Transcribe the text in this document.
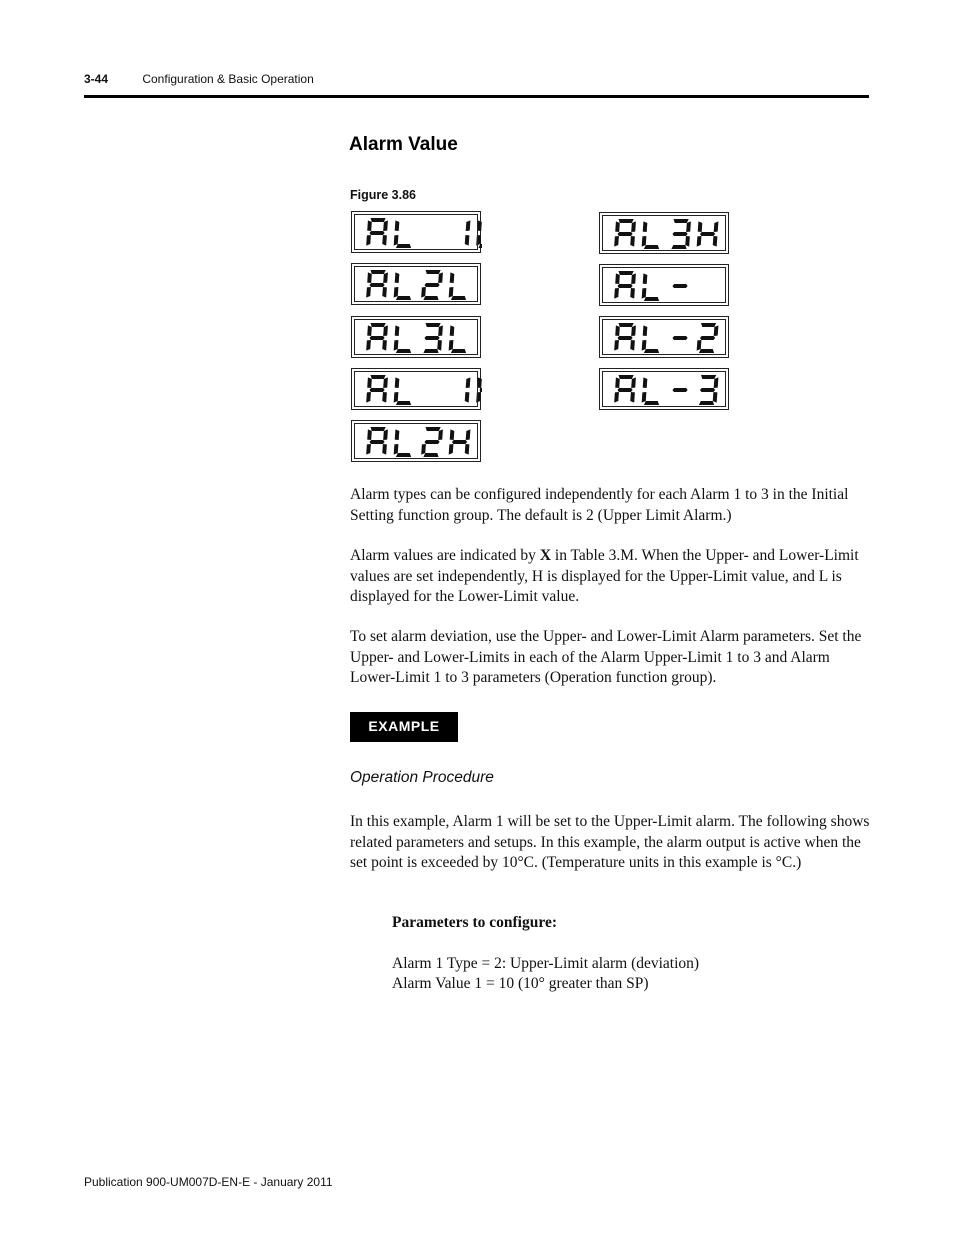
3-44	Configuration & Basic Operation
Alarm Value
Figure 3.86

Alarm types can be configured independently for each Alarm 1 to 3 in the Initial Setting function group. The default is 2 (Upper Limit Alarm.)

Alarm values are indicated by X in Table 3.M. When the Upper- and Lower-Limit values are set independently, H is displayed for the Upper-Limit value, and L is displayed for the Lower-Limit value.

To set alarm deviation, use the Upper- and Lower-Limit Alarm parameters. Set the Upper- and Lower-Limits in each of the Alarm Upper-Limit 1 to 3 and Alarm Lower-Limit 1 to 3 parameters (Operation function group).

EXAMPLE
Operation Procedure

In this example, Alarm 1 will be set to the Upper-Limit alarm. The following shows related parameters and setups. In this example, the alarm output is active when the set point is exceeded by 10°C. (Temperature units in this example is °C.)

Parameters to configure:
Alarm 1 Type = 2: Upper-Limit alarm (deviation)
Alarm Value 1 = 10 (10° greater than SP)
Publication 900-UM007D-EN-E - January 2011
